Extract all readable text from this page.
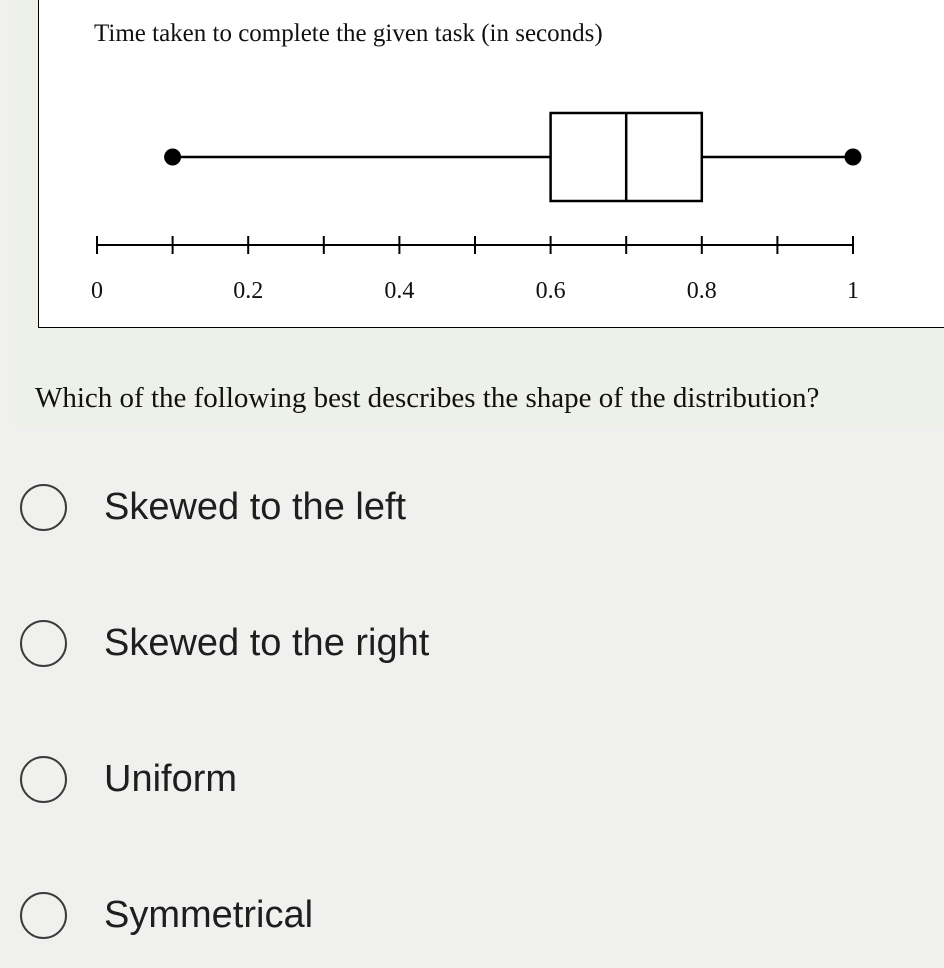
Time taken to complete the given task (in seconds)
0	0.2	0.4	0.6	0.8	1

Which of the following best describes the shape of the distribution?

Skewed to the left
Skewed to the right
Uniform
Symmetrical
